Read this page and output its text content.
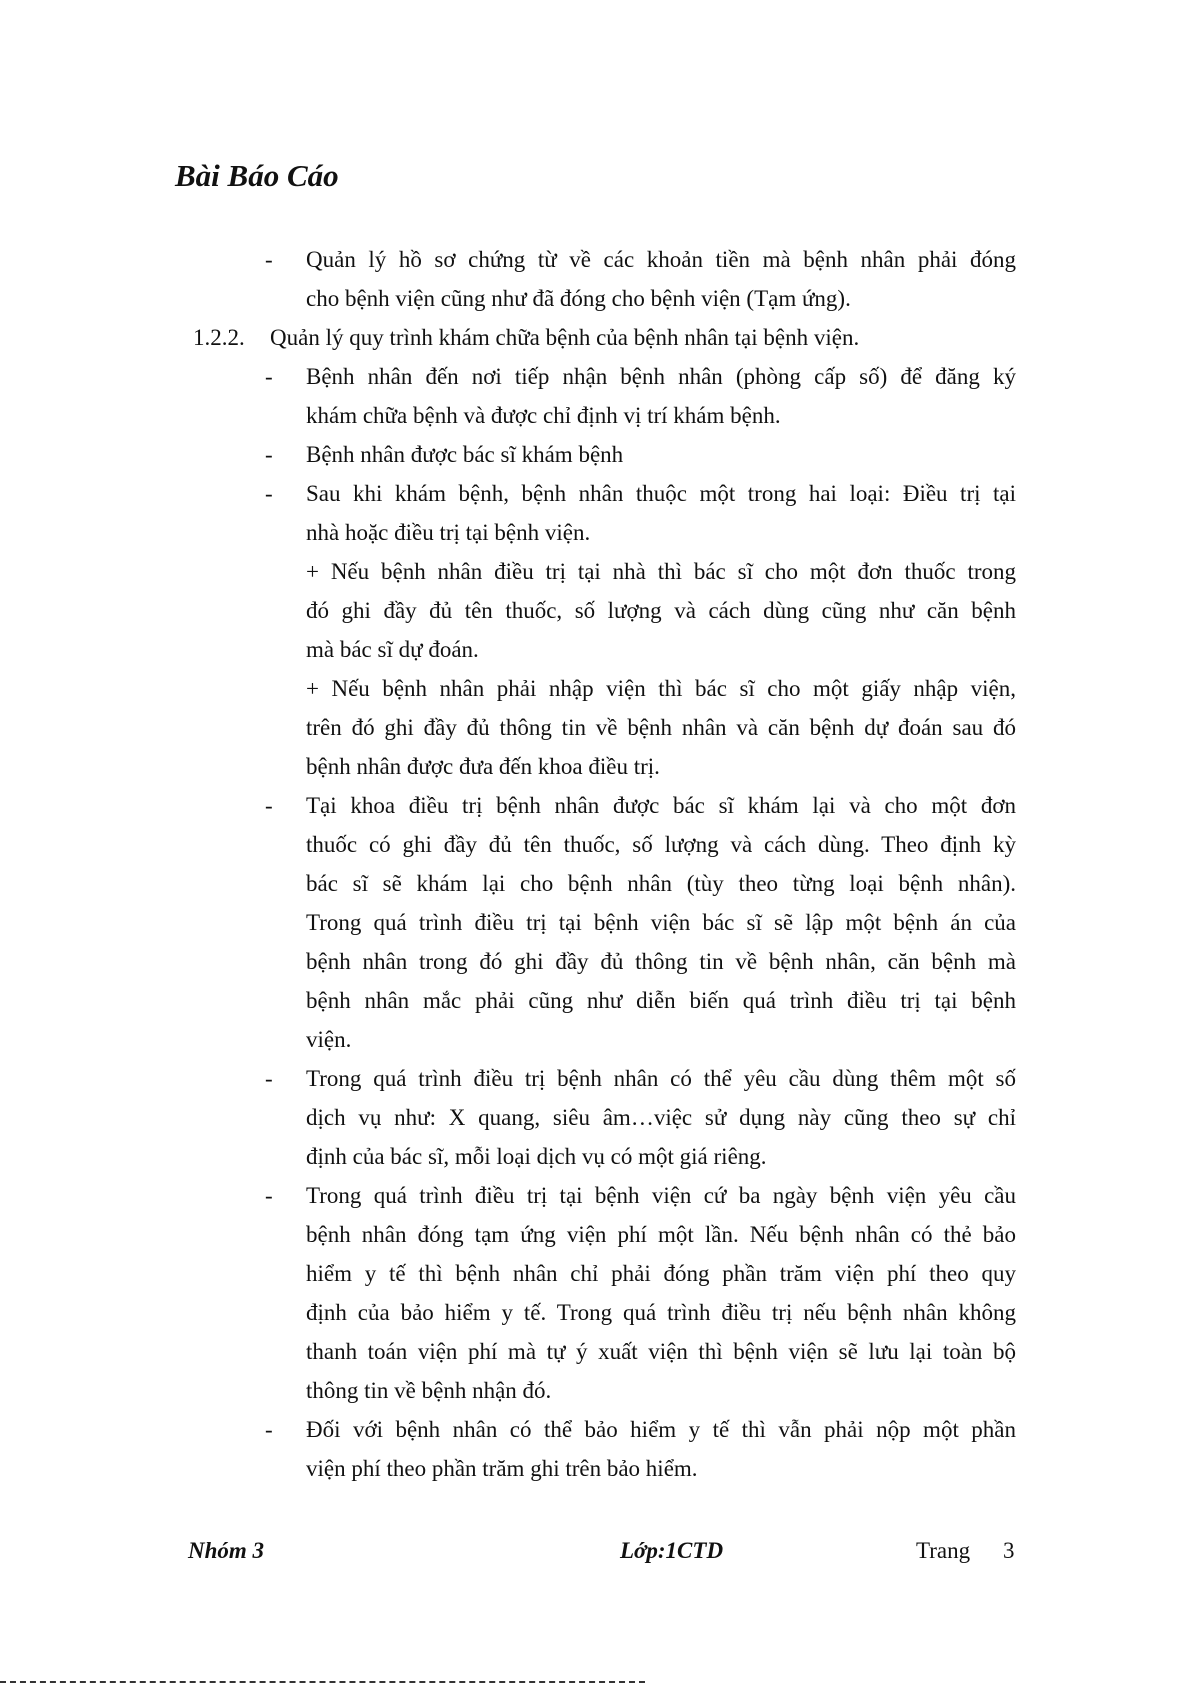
Bài Báo Cáo
- Quản lý hồ sơ chứng từ về các khoản tiền mà bệnh nhân phải đóng
cho bệnh viện cũng như đã đóng cho bệnh viện (Tạm ứng).
1.2.2. Quản lý quy trình khám chữa bệnh của bệnh nhân tại bệnh viện.
- Bệnh nhân đến nơi tiếp nhận bệnh nhân (phòng cấp số) để đăng ký
khám chữa bệnh và được chỉ định vị trí khám bệnh.
- Bệnh nhân được bác sĩ khám bệnh
- Sau khi khám bệnh, bệnh nhân thuộc một trong hai loại: Điều trị tại
nhà hoặc điều trị tại bệnh viện.
+ Nếu bệnh nhân điều trị tại nhà thì bác sĩ cho một đơn thuốc trong
đó ghi đầy đủ tên thuốc, số lượng và cách dùng cũng như căn bệnh
mà bác sĩ dự đoán.
+ Nếu bệnh nhân phải nhập viện thì bác sĩ cho một giấy nhập viện,
trên đó ghi đầy đủ thông tin về bệnh nhân và căn bệnh dự đoán sau đó
bệnh nhân được đưa đến khoa điều trị.
- Tại khoa điều trị bệnh nhân được bác sĩ khám lại và cho một đơn
thuốc có ghi đầy đủ tên thuốc, số lượng và cách dùng. Theo định kỳ
bác sĩ sẽ khám lại cho bệnh nhân (tùy theo từng loại bệnh nhân).
Trong quá trình điều trị tại bệnh viện bác sĩ sẽ lập một bệnh án của
bệnh nhân trong đó ghi đầy đủ thông tin về bệnh nhân, căn bệnh mà
bệnh nhân mắc phải cũng như diễn biến quá trình điều trị tại bệnh
viện.
- Trong quá trình điều trị bệnh nhân có thể yêu cầu dùng thêm một số
dịch vụ như: X quang, siêu âm…việc sử dụng này cũng theo sự chỉ
định của bác sĩ, mỗi loại dịch vụ có một giá riêng.
- Trong quá trình điều trị tại bệnh viện cứ ba ngày bệnh viện yêu cầu
bệnh nhân đóng tạm ứng viện phí một lần. Nếu bệnh nhân có thẻ bảo
hiểm y tế thì bệnh nhân chỉ phải đóng phần trăm viện phí theo quy
định của bảo hiểm y tế. Trong quá trình điều trị nếu bệnh nhân không
thanh toán viện phí mà tự ý xuất viện thì bệnh viện sẽ lưu lại toàn bộ
thông tin về bệnh nhận đó.
- Đối với bệnh nhân có thể bảo hiểm y tế thì vẫn phải nộp một phần
viện phí theo phần trăm ghi trên bảo hiểm.
Nhóm 3	Lớp:1CTD	Trang 3
